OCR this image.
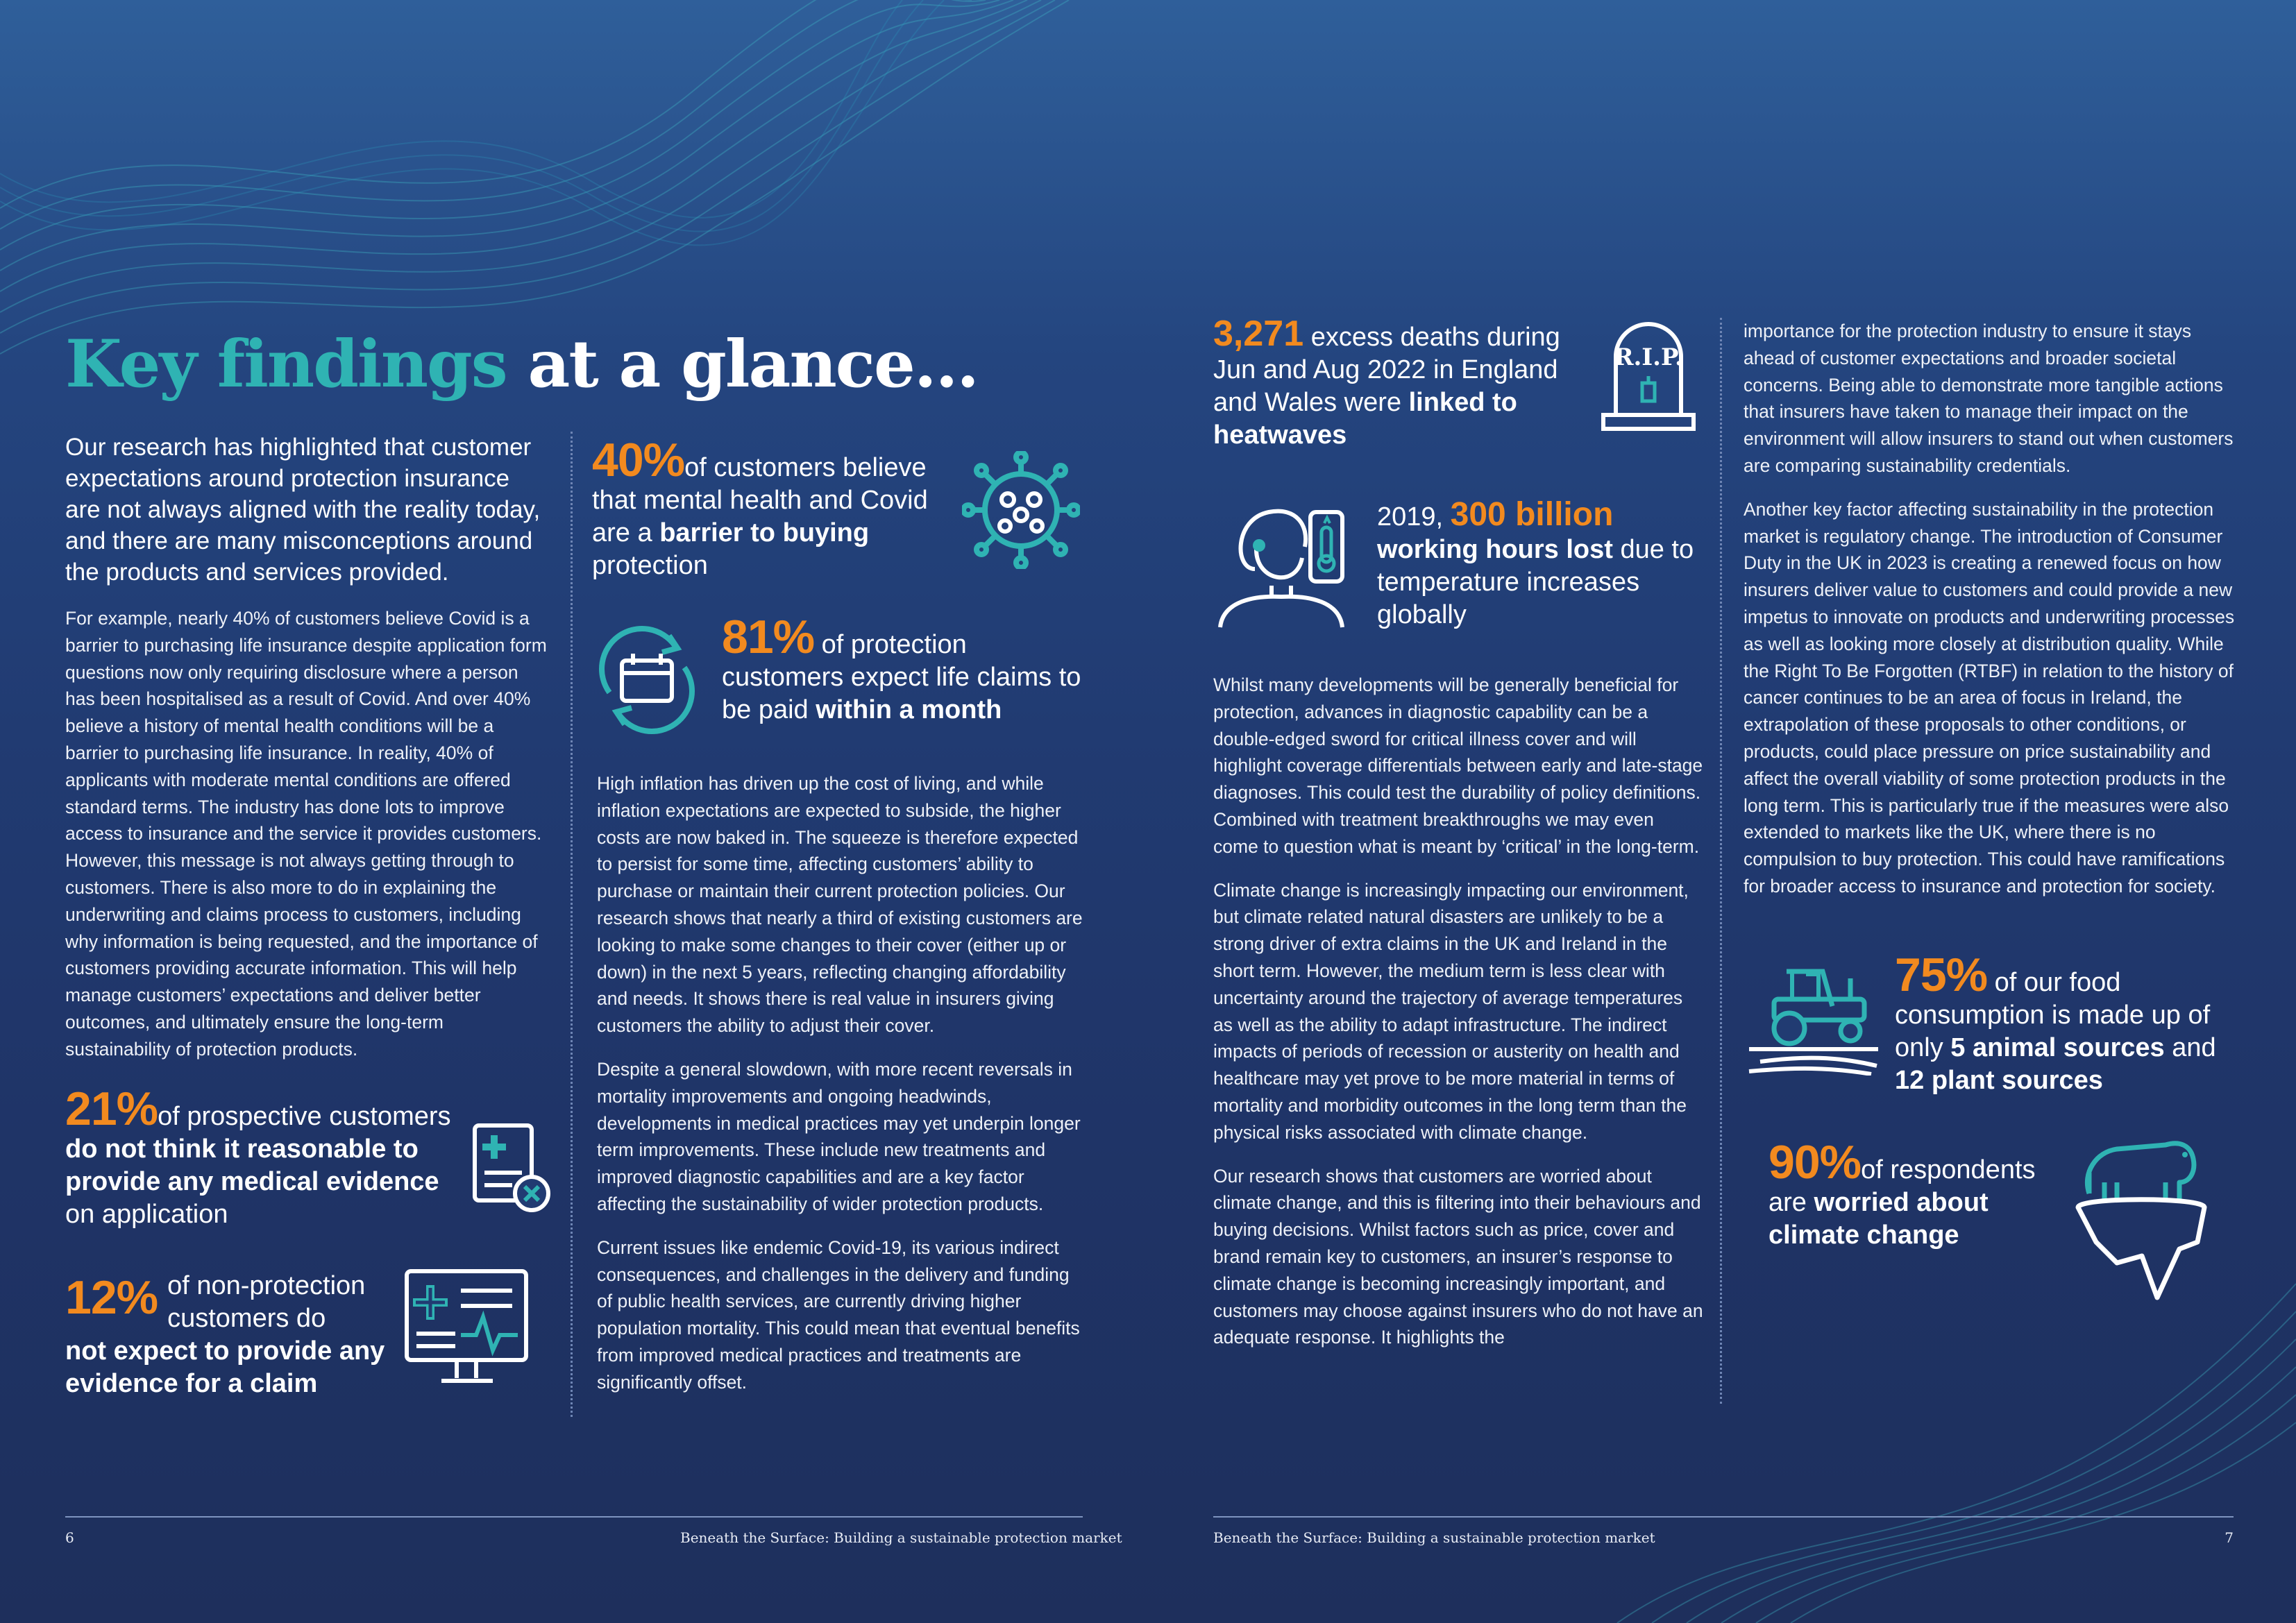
Key findings at a glance...
Our research has highlighted that customer expectations around protection insurance are not always aligned with the reality today, and there are many misconceptions around the products and services provided.
For example, nearly 40% of customers believe Covid is a barrier to purchasing life insurance despite application form questions now only requiring disclosure where a person has been hospitalised as a result of Covid. And over 40% believe a history of mental health conditions will be a barrier to purchasing life insurance. In reality, 40% of applicants with moderate mental conditions are offered standard terms. The industry has done lots to improve access to insurance and the service it provides customers. However, this message is not always getting through to customers. There is also more to do in explaining the underwriting and claims process to customers, including why information is being requested, and the importance of customers providing accurate information. This will help manage customers’ expectations and deliver better outcomes, and ultimately ensure the long-term sustainability of protection products.
21%of prospective customers
do not think it reasonable to provide any medical evidence
on application
12% of non-protection customers do
not expect to provide any evidence for a claim
40%of customers believe that mental health and Covid are a barrier to buying
protection
81% of protection customers expect life claims to be paid within a month

High inflation has driven up the cost of living, and while inflation expectations are expected to subside, the higher costs are now baked in. The squeeze is therefore expected to persist for some time, affecting customers’ ability to purchase or maintain their current protection policies. Our research shows that nearly a third of existing customers are looking to make some changes to their cover (either up or down) in the next 5 years, reflecting changing affordability and needs. It shows there is real value in insurers giving customers the ability to adjust their cover.

Despite a general slowdown, with more recent reversals in mortality improvements and ongoing headwinds, developments in medical practices may yet underpin longer term improvements. These include new treatments and improved diagnostic capabilities and are a key factor affecting the sustainability of wider protection products.

Current issues like endemic Covid-19, its various indirect consequences, and challenges in the delivery and funding of public health services, are currently driving higher population mortality. This could mean that eventual benefits from improved medical practices and treatments are significantly offset.

3,271 excess deaths during Jun and Aug 2022 in England and Wales were linked to heatwaves
R.I.P.
2019, 300 billion
working hours lost due to temperature increases globally

Whilst many developments will be generally beneficial for protection, advances in diagnostic capability can be a double-edged sword for critical illness cover and will highlight coverage differentials between early and late-stage diagnoses. This could test the durability of policy definitions. Combined with treatment breakthroughs we may even come to question what is meant by ‘critical’ in the long-term.

Climate change is increasingly impacting our environment, but climate related natural disasters are unlikely to be a strong driver of extra claims in the UK and Ireland in the short term. However, the medium term is less clear with uncertainty around the trajectory of average temperatures as well as the ability to adapt infrastructure. The indirect impacts of periods of recession or austerity on health and healthcare may yet prove to be more material in terms of mortality and morbidity outcomes in the long term than the physical risks associated with climate change.

Our research shows that customers are worried about climate change, and this is filtering into their behaviours and buying decisions. Whilst factors such as price, cover and brand remain key to customers, an insurer’s response to climate change is becoming increasingly important, and customers may choose against insurers who do not have an adequate response. It highlights the

importance for the protection industry to ensure it stays ahead of customer expectations and broader societal concerns. Being able to demonstrate more tangible actions that insurers have taken to manage their impact on the environment will allow insurers to stand out when customers are comparing sustainability credentials.

Another key factor affecting sustainability in the protection market is regulatory change. The introduction of Consumer Duty in the UK in 2023 is creating a renewed focus on how insurers deliver value to customers and could provide a new impetus to innovate on products and underwriting processes as well as looking more closely at distribution quality. While the Right To Be Forgotten (RTBF) in relation to the history of cancer continues to be an area of focus in Ireland, the extrapolation of these proposals to other conditions, or products, could place pressure on price sustainability and affect the overall viability of some protection products in the long term. This is particularly true if the measures were also extended to markets like the UK, where there is no compulsion to buy protection. This could have ramifications for broader access to insurance and protection for society.

75% of our food consumption is made up of only 5 animal sources and
12 plant sources
90%of respondents are worried about climate change
6	Beneath the Surface: Building a sustainable protection market	Beneath the Surface: Building a sustainable protection market	7
